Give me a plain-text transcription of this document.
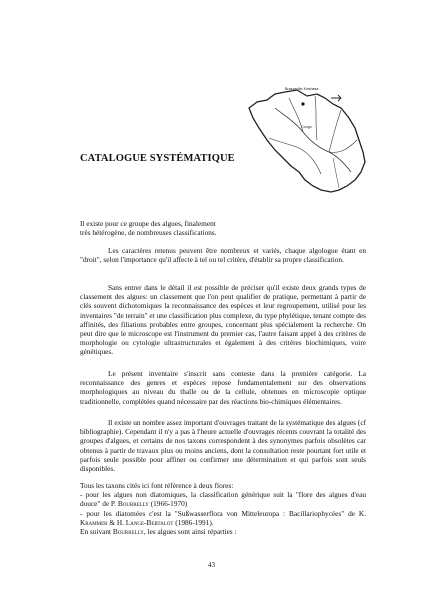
Brazzaville-Kinshasa
Congo
CATALOGUE SYSTÉMATIQUE

Il existe pour ce groupe des algues, finalement

très hétérogène, de nombreuses classifications.

Les caractères retenus peuvent être nombreux et variés, chaque algologue étant en "droit", selon l'importance qu'il affecte à tel ou tel critère, d'établir sa propre classification.

Sans entrer dans le détail il est possible de préciser qu'il existe deux grands types de classement des algues: un classement que l'on peut qualifier de pratique, permettant à partir de clés souvent dichotomiques la reconnaissance des espèces et leur regroupement, utilisé pour les inventaires "de terrain" et une classification plus complexe, du type phylétique, tenant compte des affinités, des filiations probables entre groupes, concernant plus spécialement la recherche. On peut dire que le microscope est l'instrument du premier cas, l'autre faisant appel à des critères de morphologie ou cytologie ultrastructurales et également à des critères biochimiques, voire génétiques.

Le présent inventaire s'inscrit sans conteste dans la première catégorie. La reconnaissance des genres et espèces repose fondamentalement sur des observations morphologiques au niveau du thalle ou de la cellule, obtenues en microscopie optique traditionnelle, complétées quand nécessaire par des réactions bio-chimiques élémentaires.

Il existe un nombre assez important d'ouvrages traitant de la systématique des algues (cf bibliographie). Cependant il n'y a pas à l'heure actuelle d'ouvrages récents couvrant la totalité des groupes d'algues, et certains de nos taxons correspondent à des synonymes parfois obsolètes car obtenus à partir de travaux plus ou moins anciens, dont la consultation reste pourtant fort utile et parfois seule possible pour affiner ou confirmer une détermination et qui parfois sont seuls disponibles.

Tous les taxons cités ici font référence à deux flores:

- pour les algues non diatomiques, la classification générique suit la "flore des algues d'eau douce" de P. Bourrelly (1966-1970)

- pour les diatomées c'est la "Sußwasserflora von Mitteleuropa : Bacillariophycées" de K. Krammer & H. Lange-Bertalot (1986-1991).

En suivant Bourrelly, les algues sont ainsi réparties :

43
